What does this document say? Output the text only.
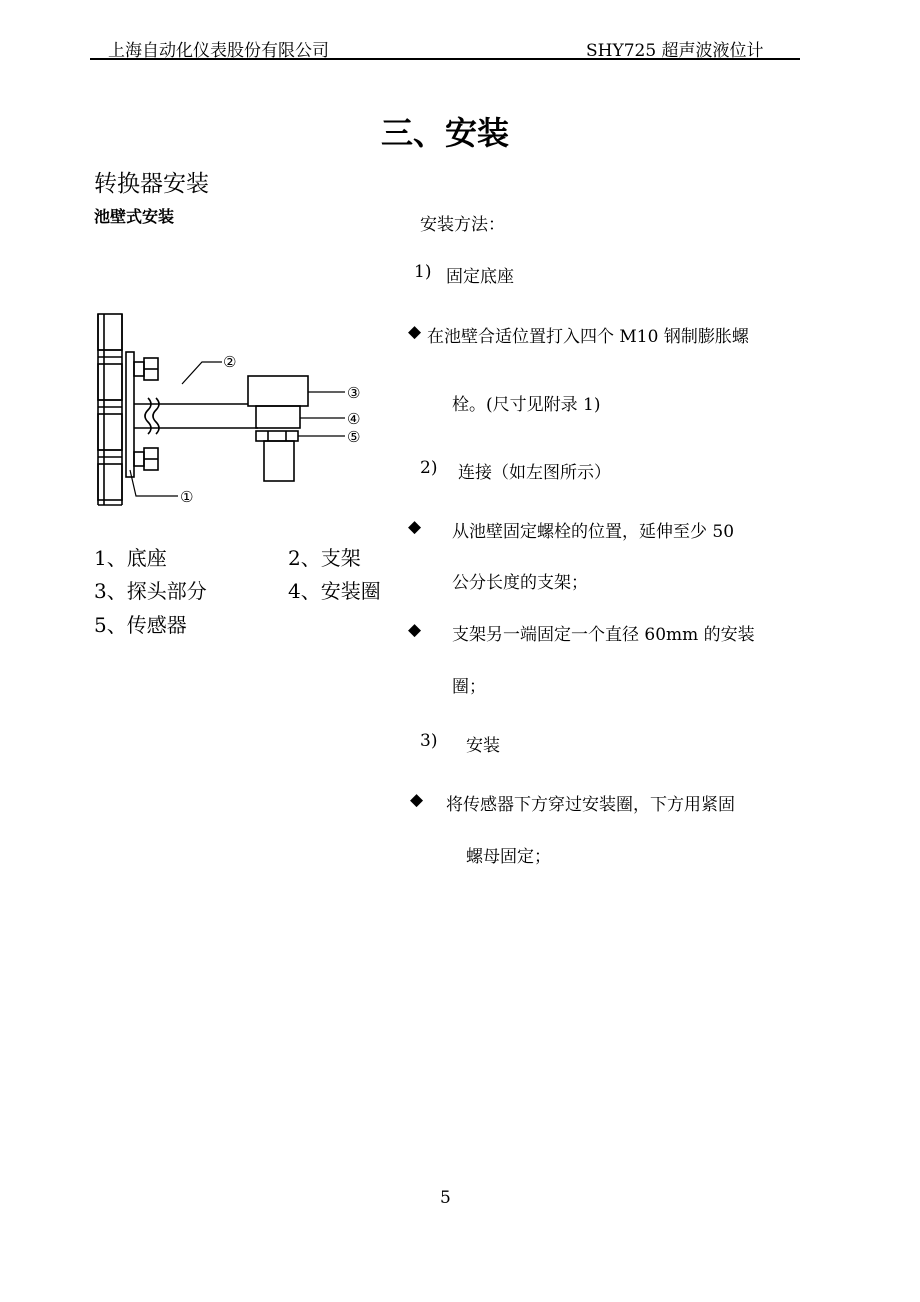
上海自动化仪表股份有限公司	SHY725 超声波液位计
三、安装
转换器安装
池壁式安装
②
③
④
⑤
①
1、底座	2、支架
3、探头部分	4、安装圈
5、传感器
安装方法：
1) 固定底座
◆ 在池壁合适位置打入四个 M10 钢制膨胀螺
栓。(尺寸见附录 1)
2) 连接（如左图所示）
◆ 从池壁固定螺栓的位置，延伸至少 50
公分长度的支架；
◆ 支架另一端固定一个直径 60mm 的安装
圈；
3) 安装
◆ 将传感器下方穿过安装圈，下方用紧固
螺母固定；
5
